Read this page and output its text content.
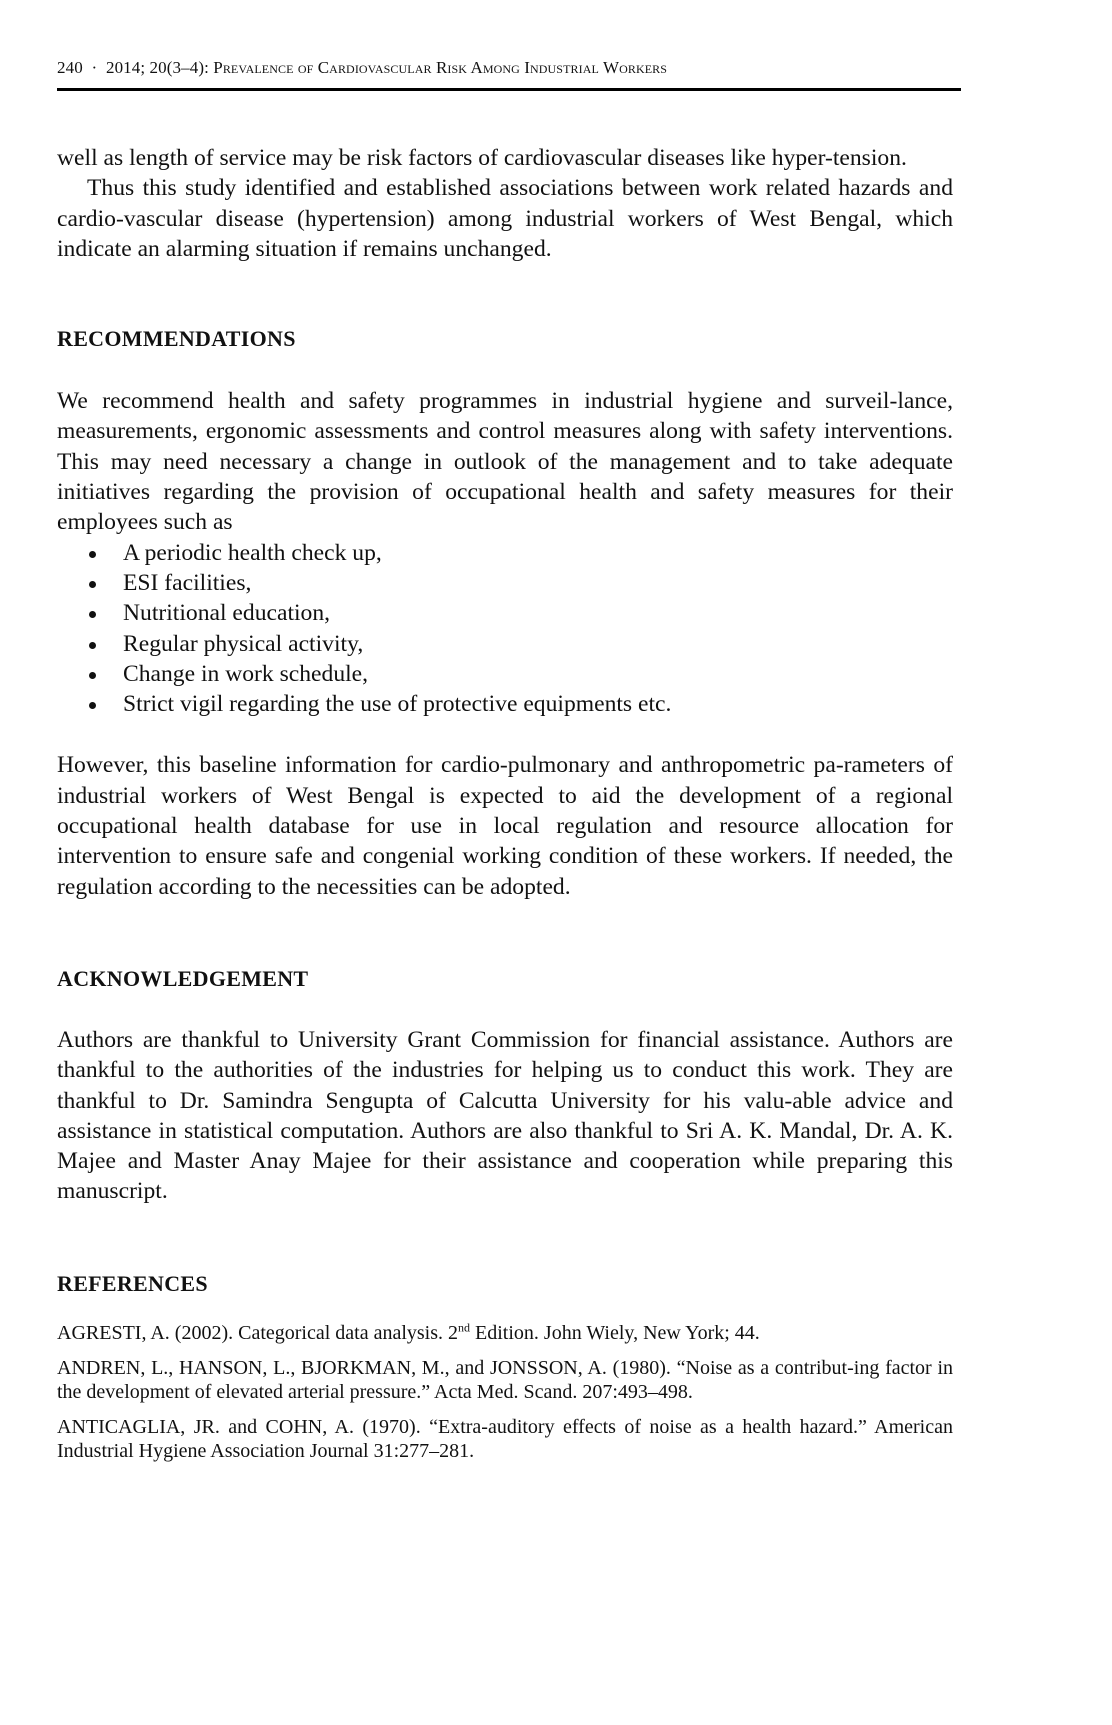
240 · 2014; 20(3–4): Prevalence of Cardiovascular Risk Among Industrial Workers

well as length of service may be risk factors of cardiovascular diseases like hyper-tension.

Thus this study identified and established associations between work related hazards and cardio-vascular disease (hypertension) among industrial workers of West Bengal, which indicate an alarming situation if remains unchanged.

RECOMMENDATIONS

We recommend health and safety programmes in industrial hygiene and surveil-lance, measurements, ergonomic assessments and control measures along with safety interventions. This may need necessary a change in outlook of the management and to take adequate initiatives regarding the provision of occupational health and safety measures for their employees such as

A periodic health check up,
ESI facilities,
Nutritional education,
Regular physical activity,
Change in work schedule,
Strict vigil regarding the use of protective equipments etc.

However, this baseline information for cardio-pulmonary and anthropometric pa-rameters of industrial workers of West Bengal is expected to aid the development of a regional occupational health database for use in local regulation and resource allocation for intervention to ensure safe and congenial working condition of these workers. If needed, the regulation according to the necessities can be adopted.

ACKNOWLEDGEMENT

Authors are thankful to University Grant Commission for financial assistance. Authors are thankful to the authorities of the industries for helping us to conduct this work. They are thankful to Dr. Samindra Sengupta of Calcutta University for his valu-able advice and assistance in statistical computation. Authors are also thankful to Sri A. K. Mandal, Dr. A. K. Majee and Master Anay Majee for their assistance and cooperation while preparing this manuscript.

REFERENCES

AGRESTI, A. (2002). Categorical data analysis. 2nd Edition. John Wiely, New York; 44.

ANDREN, L., HANSON, L., BJORKMAN, M., and JONSSON, A. (1980). “Noise as a contribut-ing factor in the development of elevated arterial pressure.” Acta Med. Scand. 207:493–498.

ANTICAGLIA, JR. and COHN, A. (1970). “Extra-auditory effects of noise as a health hazard.” American Industrial Hygiene Association Journal 31:277–281.
